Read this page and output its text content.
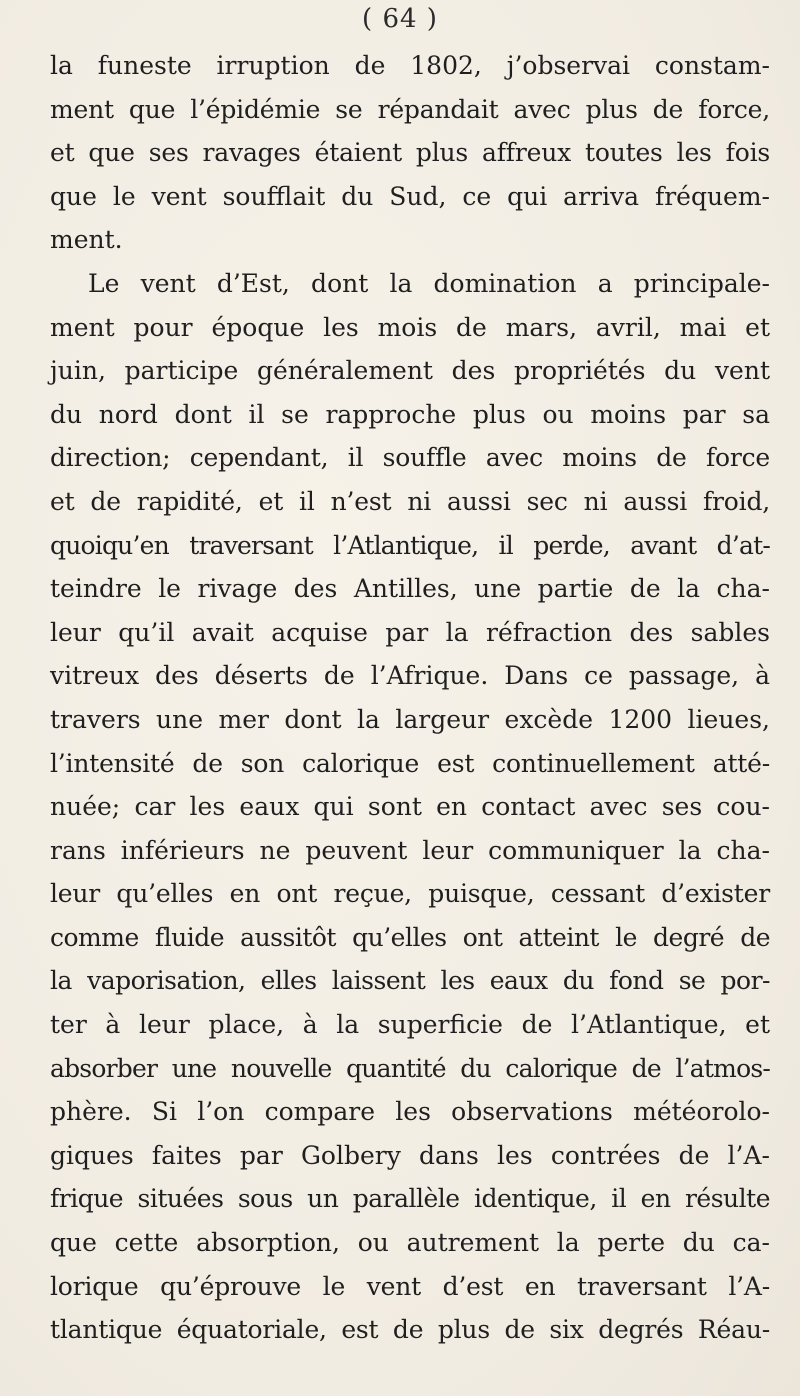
( 64 )
la funeste irruption de 1802, j’observai constam-
ment que l’épidémie se répandait avec plus de force,
et que ses ravages étaient plus affreux toutes les fois
que le vent soufflait du Sud, ce qui arriva fréquem-
ment.
Le vent d’Est, dont la domination a principale-
ment pour époque les mois de mars, avril, mai et
juin, participe généralement des propriétés du vent
du nord dont il se rapproche plus ou moins par sa
direction; cependant, il souffle avec moins de force
et de rapidité, et il n’est ni aussi sec ni aussi froid,
quoiqu’en traversant l’Atlantique, il perde, avant d’at-
teindre le rivage des Antilles, une partie de la cha-
leur qu’il avait acquise par la réfraction des sables
vitreux des déserts de l’Afrique. Dans ce passage, à
travers une mer dont la largeur excède 1200 lieues,
l’intensité de son calorique est continuellement atté-
nuée; car les eaux qui sont en contact avec ses cou-
rans inférieurs ne peuvent leur communiquer la cha-
leur qu’elles en ont reçue, puisque, cessant d’exister
comme fluide aussitôt qu’elles ont atteint le degré de
la vaporisation, elles laissent les eaux du fond se por-
ter à leur place, à la superficie de l’Atlantique, et
absorber une nouvelle quantité du calorique de l’atmos-
phère. Si l’on compare les observations météorolo-
giques faites par Golbery dans les contrées de l’A-
frique situées sous un parallèle identique, il en résulte
que cette absorption, ou autrement la perte du ca-
lorique qu’éprouve le vent d’est en traversant l’A-
tlantique équatoriale, est de plus de six degrés Réau-
